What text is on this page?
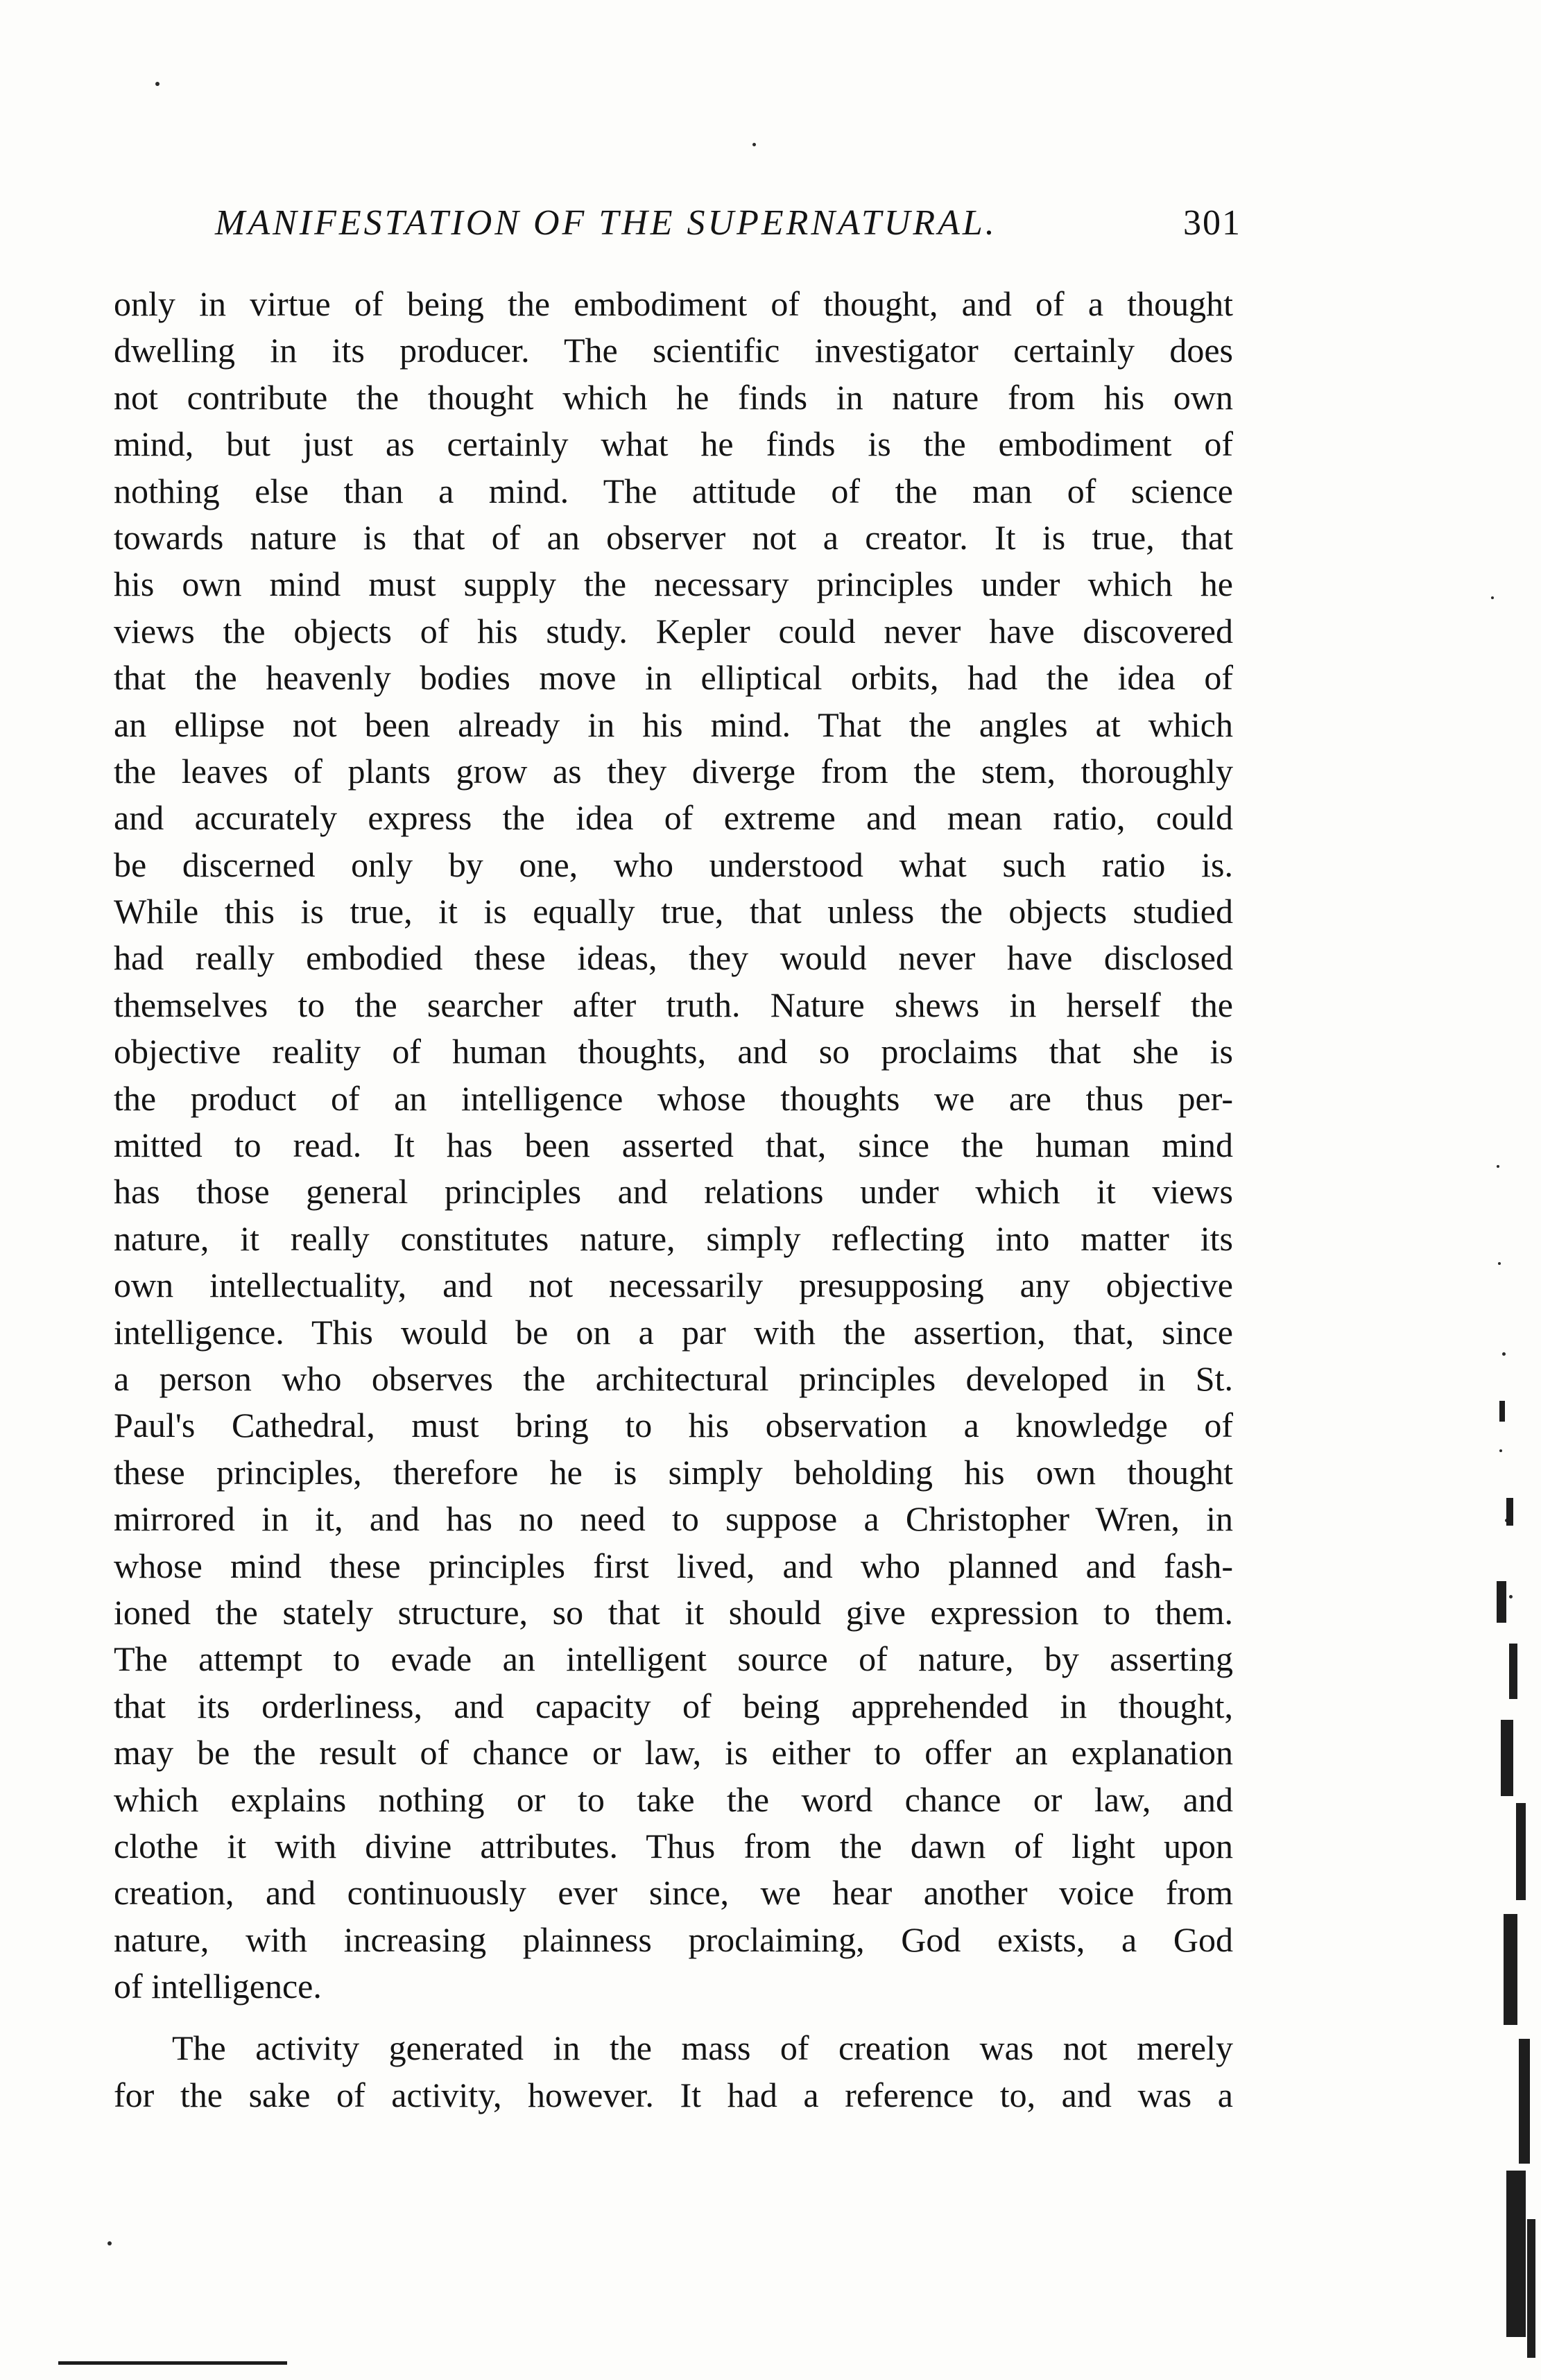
MANIFESTATION OF THE SUPERNATURAL.	301
only in virtue of being the embodiment of thought, and of a thought
dwelling in its producer. The scientific investigator certainly does
not contribute the thought which he finds in nature from his own
mind, but just as certainly what he finds is the embodiment of
nothing else than a mind. The attitude of the man of science
towards nature is that of an observer not a creator. It is true, that
his own mind must supply the necessary principles under which he
views the objects of his study. Kepler could never have discovered
that the heavenly bodies move in elliptical orbits, had the idea of
an ellipse not been already in his mind. That the angles at which
the leaves of plants grow as they diverge from the stem, thoroughly
and accurately express the idea of extreme and mean ratio, could
be discerned only by one, who understood what such ratio is.
While this is true, it is equally true, that unless the objects studied
had really embodied these ideas, they would never have disclosed
themselves to the searcher after truth. Nature shews in herself the
objective reality of human thoughts, and so proclaims that she is
the product of an intelligence whose thoughts we are thus per-
mitted to read. It has been asserted that, since the human mind
has those general principles and relations under which it views
nature, it really constitutes nature, simply reflecting into matter its
own intellectuality, and not necessarily presupposing any objective
intelligence. This would be on a par with the assertion, that, since
a person who observes the architectural principles developed in St.
Paul's Cathedral, must bring to his observation a knowledge of
these principles, therefore he is simply beholding his own thought
mirrored in it, and has no need to suppose a Christopher Wren, in
whose mind these principles first lived, and who planned and fash-
ioned the stately structure, so that it should give expression to them.
The attempt to evade an intelligent source of nature, by asserting
that its orderliness, and capacity of being apprehended in thought,
may be the result of chance or law, is either to offer an explanation
which explains nothing or to take the word chance or law, and
clothe it with divine attributes. Thus from the dawn of light upon
creation, and continuously ever since, we hear another voice from
nature, with increasing plainness proclaiming, God exists, a God
of intelligence.
The activity generated in the mass of creation was not merely
for the sake of activity, however. It had a reference to, and was a
